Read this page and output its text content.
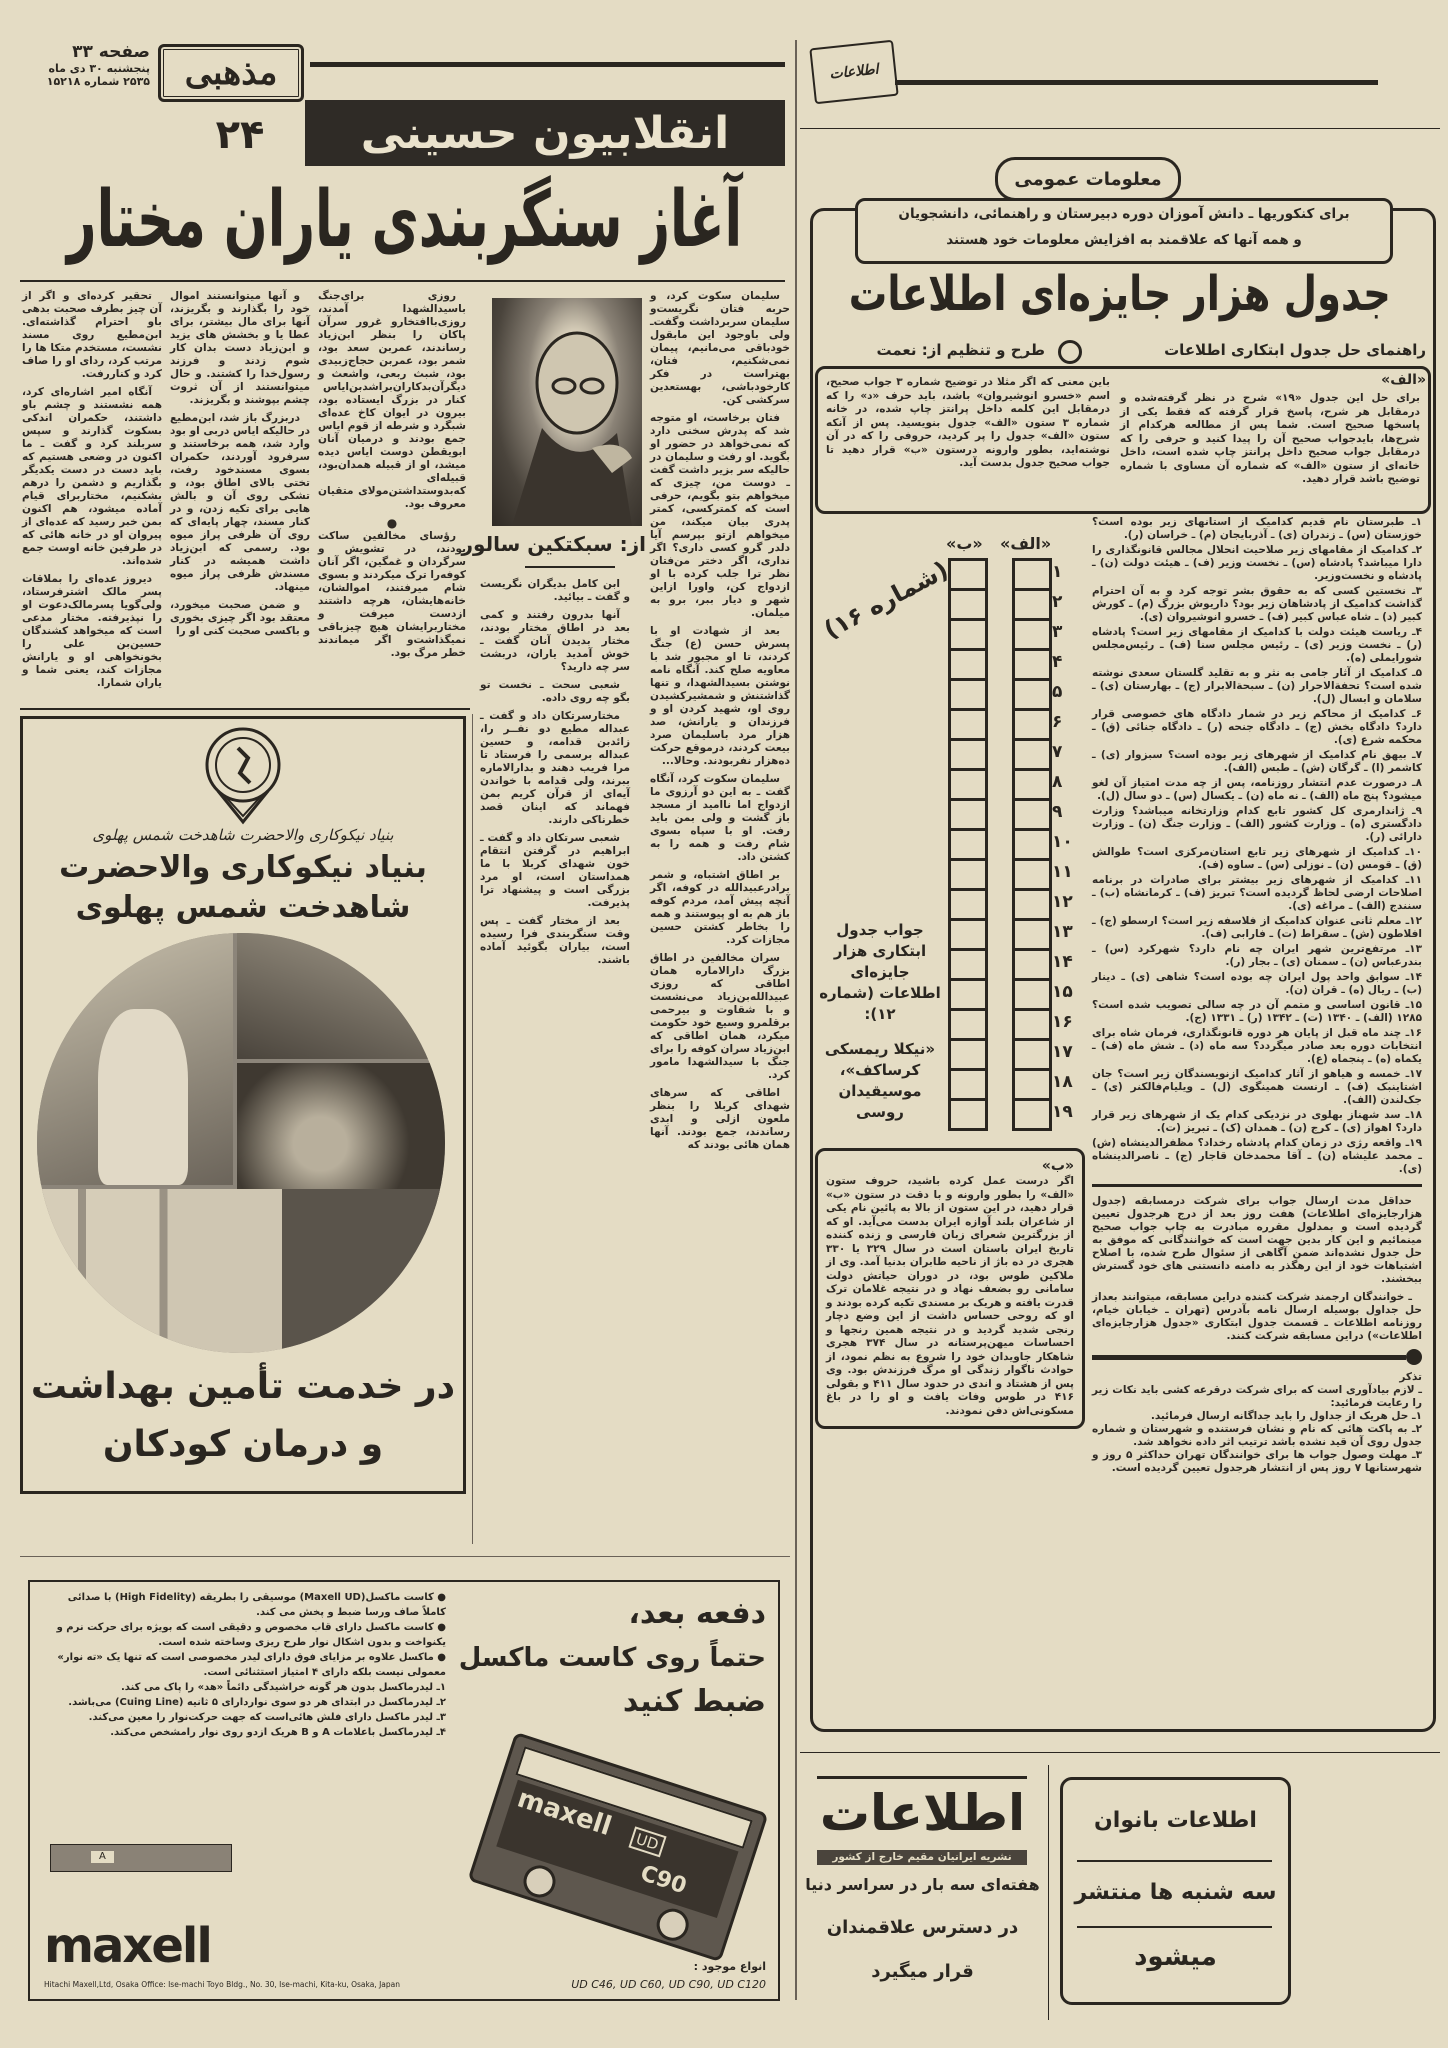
صفحه ۳۳
پنجشنبه ۳۰ دی ماه
۲۵۳۵ شماره ۱۵۲۱۸ مذهبی
۲۴	انقلابیون حسینی
آغاز سنگربندی یاران مختار

تحقیر کرده‌ای و اگر از آن چیز بطرف صحبت بدهی باو احترام گذاشته‌ای. ابن‌مطیع روی مسند نشست، مستخدم متکا ها را مرتب کرد، ردای او را صاف کرد و کناررفت.

آنگاه امیر اشاره‌ای کرد، همه نشستند و چشم باو داشتند، حکمران اندکی بسکوت گذارند و سپس سربلند کرد و گفت ـ ما اکنون در وضعی هستیم که باید دست در دست یکدیگر بگذاریم و دشمن را درهم بشکنیم، مختاربرای قیام آماده میشود، هم اکنون بمن خبر رسید که عده‌ای از پیروان او در خانه هائی که در طرفین خانه اوست جمع شده‌اند.

دیروز عده‌ای را بملاقات پسر مالک اشترفرستاد، ولی‌گویا پسرمالک‌دعوت او را نپذیرفته. مختار مدعی است که میخواهد کشندگان حسین‌بن علی را بخونخواهی او و یارانش مجازات کند، یعنی شما و یاران شمارا.

و آنها میتوانستند اموال خود را بگذارند و بگریزند، آنها برای مال بیشتر، برای عطا یا و بخشش های یزید و ابن‌زیاد دست بدان کار شوم زدند و فرزند رسول‌خدا را کشتند. و حال میتوانستند از آن ثروت چشم بپوشند و بگریزند.

دربزرگ باز شد، ابن‌مطیع در حالیکه ایاس دربی او بود وارد شد، همه برخاستند و سرفرود آوردند، حکمران بسوی مسندخود رفت، تختی بالای اطاق بود، و تشکی روی آن و بالش هایی برای تکیه زدن، و در کنار مسند، چهار پایه‌ای که روی آن ظرفی پراز میوه بود. رسمی که ابن‌زیاد داشت همیشه در کنار مسندش ظرفی پراز میوه مینهاد.

و ضمن صحبت میخورد، معتقد بود اگر چیزی بخوری و باکسی صحبت کنی او را

روزی برای‌جنگ باسیدالشهدا آمدند، روزی‌باافتخارو غرور سرآن پاکان را بنظر ابن‌زیاد رساندند، عمربن سعد بود، شمر بود، عمربن حجاج‌زبیدی بود، شبث ربعی، واشعث و دیگرآن‌بدکاران‌براشدبن‌ایاس کنار در بزرگ ایستاده بود، بیرون در ایوان کاخ عده‌ای شبگرد و شرطه از قوم ایاس جمع بودند و درمیان آنان ابویقطن دوست ایاس دیده میشد، او از قبیله همدان‌بود، قبیله‌ای که‌بدوستداشتن‌مولای متقیان معروف بود.

●

رؤسای مخالفین ساکت بودند، در تشویش و سرگردان و غمگین، اگر آنان کوفه‌را ترک میکردند و بسوی شام میرفتند، اموالشان، خانه‌هایشان، هرچه داشتند ازدست میرفت و مختاربرایشان هیچ چیزباقی نمیگذاشت‌و اگر میماندند خطر مرگ بود.

از: سبکتکین سالور

سلیمان سکوت کرد، و حربه فتان نگریست‌و سلیمان سربرداشت وگفت‌ـ ولی باوجود این مابقول خودباقی می‌مانیم، پیمان نمی‌شکنیم، فتان، بهتراست در فکر کارخودباشی، بهستعدین سرکشی کن.

فتان برخاست، او متوجه شد که پدرش سخنی دارد که نمی‌خواهد در حضور او بگوید. او رفت و سلیمان در حالیکه سر بزیر داشت گفت ـ دوست من، چیزی که میخواهم بتو بگویم، حرفی است که کمترکسی، کمتر پدری بیان میکند، من میخواهم ازتو بپرسم آیا دلدر گرو کسی داری؟ اگر نداری، اگر دختر من‌فتان نظر ترا جلب کرده با او ازدواج کن، واورا ازاین شهر و دیار ببر، برو به میلمان.

بعد از شهادت او با پسرش حسن (ع) جنگ کردند، تا او مجبور شد با معاویه صلح کند. آنگاه نامه نوشتن بسیدالشهدا، و تنها گذاشتنش و شمشیرکشیدن روی او، شهید کردن او و فرزندان و یارانش، صد هزار مرد باسلیمان صرد بیعت کردند، درموقع حرکت ده‌هزار نفربودند. وحالا...

سلیمان سکوت کرد، آنگاه گفت ـ به این دو آرزوی ما ازدواج اما ناامید از مسجد باز گشت و ولی بمن باید رفت. او با سپاه بسوی شام رفت و همه را به کشتن داد.

بر اطاق اشتباه، و شمر برادر‌عبیدالله در کوفه، اگر آنچه پیش آمد، مردم کوفه باز هم به او پیوستند و همه را بخاطر کشتن حسین مجازات کرد.

سران مخالفین در اطاق بزرگ دارالاماره همان اطاقی که روزی عبیدالله‌بن‌زیاد می‌نشست و با شقاوت و بیرحمی برقلمرو وسیع خود حکومت میکرد، همان اطاقی که ابن‌زیاد سران کوفه را برای جنگ با سیدالشهدا مامور کرد.

اطاقی که سرهای شهدای کربلا را بنظر ملعون ازلی و ابدی رساندند، جمع بودند. آنها همان هائی بودند که

ابن کامل بدیگران نگریست و گفت ـ بیائید.

آنها بدرون رفتند و کمی بعد در اطاق مختار بودند، مختار بدیدن آنان گفت ـ خوش آمدید یاران، دربشت سر چه دارید؟

شعبی سحت ـ نخست تو بگو چه روی داده.

مختارسرتکان داد و گفت ـ عبداله مطیع دو نفــر را، زائدبن قدامه، و حسین عبداله برسمی را فرستاد تا مرا فریب دهند و بدارالاماره ببرند، ولی قدامه با خواندن آیه‌ای از قرآن کریم بمن فهماند که اینان قصد خطرناکی دارند.

شعبی سرتکان داد و گفت ـ ابراهیم در گرفتن انتقام خون شهدای کربلا با ما همداستان است، او مرد بزرگی است و پیشنهاد ترا پذیرفت.

بعد از مختار گفت ـ پس وقت سنگربندی فرا رسیده است، بیاران بگوئید آماده باشند.

بنیاد نیکوکاری والاحضرت شاهدخت شمس پهلوی
بنیاد نیکوکاری والاحضرت
شاهدخت شمس پهلوی
در خدمت تأمین بهداشت
و درمان کودکان
maxell	UD
C90
دفعه بعد،
حتماً روی کاست ماکسل
ضبط کنید
● کاست ماکسل(Maxell UD) موسیقی را بطریقه (High Fidelity) با صدائی کاملاً صاف ورسا ضبط و پخش می کند.
● کاست ماکسل دارای قاب مخصوص و دقیقی است که بویژه برای حرکت نرم و یکنواخت و بدون اشکال نوار طرح ریزی وساخته شده است.
● ماکسل علاوه بر مزایای فوق دارای لیدر مخصوصی است که تنها یک «ته نوار» معمولی نیست بلکه دارای ۴ امتیاز استثنائی است.
۱ـ لیدرماکسل بدون هر گونه خراشیدگی دائماً «هد» را پاک می کند.
۲ـ لیدرماکسل در ابتدای هر دو سوی نواردارای ۵ ثانیه (Cuing Line) می‌باشد.
۳ـ لیدر ماکسل دارای فلش هائی‌است که جهت حرکت‌نوار را معین می‌کند.
۴ـ لیدرماکسل باعلامات A و B هریک ازدو روی نوار رامشخص می‌کند.
A
maxell
Hitachi Maxell,Ltd, Osaka Office: Ise-machi Toyo Bldg., No. 30, Ise-machi, Kita-ku, Osaka, Japan
انواع موجود :
UD C46, UD C60, UD C90, UD C120
اطلاعات
معلومات عمومی
برای کنکوریها ـ دانش آموزان دوره دبیرستان و راهنمائی، دانشجویان
و همه آنها که علاقمند به افزایش معلومات خود هستند
جدول هزار جایزه‌ای اطلاعات
راهنمای حل جدول ابتکاری اطلاعات
طرح و تنظیم از: نعمت
«الف»
برای حل این جدول «۱۹» شرح در نظر گرفته‌شده و درمقابل هر شرح، پاسخ قرار گرفته که فقط یکی از پاسخها صحیح است. شما پس از مطالعه هرکدام از شرح‌ها، بایدجواب صحیح آن را پیدا کنید و حرفی را که درمقابل جواب صحیح داخل پرانتز چاپ شده است، داخل خانه‌ای از ستون «الف» که شماره آن مساوی با شماره توضیح باشد قرار دهید.
باین معنی که اگر مثلا در توضیح شماره ۳ جواب صحیح، اسم «خسرو انوشیروان» باشد، باید حرف «د» را که درمقابل این کلمه داخل پرانتز چاپ شده، در خانه شماره ۳ ستون «الف» جدول بنویسید. پس از آنکه ستون «الف» جدول را پر کردید، حروفی را که در آن نوشته‌اید، بطور وارونه درستون «ب» قرار دهید تا جواب صحیح جدول بدست آید.
(شماره ۱۶)
«ب» «الف»
۱
۲
۳
۴
۵
۶
۷
۸
۹
۱۰
۱۱
۱۲
۱۳
۱۴
۱۵
۱۶
۱۷
۱۸
۱۹
جواب جدول ابتکاری هزار جایزه‌ای اطلاعات (شماره ۱۲):
«نیکلا ریمسکی کرساکف»، موسیقیدان روسی
۱ـ طبرستان نام قدیم کدامیک از استانهای زیر بوده است؟ خوزستان (س) ـ زندران (ی) ـ آذربایجان (م) ـ خراسان (ر).
۲ـ کدامیک از مقامهای زیر صلاحیت انحلال مجالس قانونگذاری را دارا میباشد؟ پادشاه (س) ـ نخست وزیر (ف) ـ هیئت دولت (ن) ـ پادشاه و نخست‌وزیر.
۳ـ نخستین کسی که به حقوق بشر توجه کرد و به آن احترام گذاشت کدامیک از پادشاهان زیر بود؟ داریوش بزرگ (م) ـ کورش کبیر (د) ـ شاه عباس کبیر (ف) ـ خسرو انوشیروان (ی).
۴ـ ریاست هیئت دولت با کدامیک از مقامهای زیر است؟ پادشاه (ر) ـ نخست وزیر (ی) ـ رئیس مجلس سنا (ف) ـ رئیس‌مجلس شورایملی (ه).
۵ـ کدامیک از آثار جامی به نثر و به تقلید گلستان سعدی نوشته شده است؟ تحفةالاحرار (ن) ـ سبحةالابرار (ج) ـ بهارستان (ی) ـ سلامان و ابسال (ل).
۶ـ کدامیک از محاکم زیر در شمار دادگاه های خصوصی قرار دارد؟ دادگاه بخش (ج) ـ دادگاه جنحه (ر) ـ دادگاه جنائی (ق) ـ محکمه شرع (ی).
۷ـ بیهق نام کدامیک از شهرهای زیر بوده است؟ سبزوار (ی) ـ کاشمر (ا) ـ گرگان (ش) ـ طبس (الف).
۸ـ درصورت عدم انتشار روزنامه، پس از چه مدت امتیاز آن لغو میشود؟ پنج ماه (الف) ـ نه ماه (ن) ـ یکسال (س) ـ دو سال (ل).
۹ـ ژاندارمری کل کشور تابع کدام وزارتخانه میباشد؟ وزارت دادگستری (ه) ـ وزارت کشور (الف) ـ وزارت جنگ (ن) ـ وزارت دارائی (ر).
۱۰ـ کدامیک از شهرهای زیر تابع استان‌مرکزی است؟ طوالش (ق) ـ قومس (ن) ـ نوزلی (س) ـ ساوه (ف).
۱۱ـ کدامیک از شهرهای زیر بیشتر برای صادرات در برنامه اصلاحات ارضی لحاظ گردیده است؟ تبریز (ف) ـ کرمانشاه (ب) ـ سنندج (الف) ـ مراغه (ی).
۱۲ـ معلم ثانی عنوان کدامیک از فلاسفه زیر است؟ ارسطو (ج) ـ افلاطون (ش) ـ سقراط (ت) ـ فارابی (ف).
۱۳ـ مرتفع‌ترین شهر ایران چه نام دارد؟ شهرکرد (س) ـ بندرعباس (ن) ـ سمنان (ی) ـ بجار (ر).
۱۴ـ سوابق واحد پول ایران چه بوده است؟ شاهی (ی) ـ دینار (ب) ـ ریال (ه) ـ قران (ن).
۱۵ـ قانون اساسی و متمم آن در چه سالی تصویب شده است؟ ۱۲۸۵ (الف) ـ ۱۳۴۰ (ت) ـ ۱۳۴۲ (ر) ـ ۱۳۳۱ (ج).
۱۶ـ چند ماه قبل از پایان هر دوره قانونگذاری، فرمان شاه برای انتخابات دوره بعد صادر میگردد؟ سه ماه (د) ـ شش ماه (ف) ـ یکماه (ه) ـ پنجماه (ع).
۱۷ـ خمسه و هیاهو از آثار کدامیک ازنویسندگان زیر است؟ جان اشتاینبک (ف) ـ ارنست همینگوی (ل) ـ ویلیام‌فالکنر (ی) ـ جک‌لندن (الف).
۱۸ـ سد شهناز بهلوی در نزدیکی کدام یک از شهرهای زیر قرار دارد؟ اهواز (ی) ـ کرج (ن) ـ همدان (ک) ـ تبریز (ت).
۱۹ـ واقعه رژی در زمان کدام پادشاه رخداد؟ مظفرالدینشاه (ش) ـ محمد علیشاه (ن) ـ آقا محمدخان قاجار (ج) ـ ناصرالدینشاه (ی).

حداقل مدت ارسال جواب برای شرکت درمسابقه (جدول هزارجایزه‌ای اطلاعات) هفت روز بعد از درج هرجدول تعیین گردیده است و بمدلول مقرره مبادرت به چاپ جواب صحیح مینمائیم و این کار بدین جهت است که خوانندگانی که موفق به حل جدول نشده‌اند ضمن آگاهی از سئوال طرح شده، با اصلاح اشتباهات خود از این رهگذر به دامنه دانستنی های خود گسترش ببخشند.

ـ خوانندگان ارجمند شرکت کننده دراین مسابقه، میتوانند بعداز حل جداول بوسیله ارسال نامه بآدرس (تهران ـ خیابان خیام، روزنامه اطلاعات ـ قسمت جدول ابتکاری «جدول هزارجایزه‌ای اطلاعات») دراین مسابقه شرکت کنند.

تذکر
ـ لازم بیادآوری است که برای شرکت درقرعه کشی باید نکات زیر را رعایت فرمائید:
۱ـ حل هریک از جداول را باید جداگانه ارسال فرمائید.
۲ـ به پاکت هائی که نام و نشان فرستنده و شهرستان و شماره جدول روی آن قید نشده باشد ترتیب اثر داده نخواهد شد.
۳ـ مهلت وصول جواب ها برای خوانندگان تهران حداکثر ۵ روز و شهرستانها ۷ روز پس از انتشار هرجدول تعیین گردیده است.
«ب»
اگر درست عمل کرده باشید، حروف ستون «الف» را بطور وارونه و با دقت در ستون «ب» قرار دهید، در این ستون از بالا به پائین نام یکی از شاعران بلند آوازه ایران بدست می‌آید. او که از بزرگترین شعرای زبان فارسی و زنده کننده تاریخ ایران باستان است در سال ۳۲۹ یا ۳۳۰ هجری در ده باژ از ناحیه طابران بدنیا آمد. وی از ملاکین طوس بود، در دوران حیاتش دولت سامانی رو بضعف نهاد و در نتیجه غلامان ترک قدرت یافته و هریک بر مسندی تکیه کرده بودند و او که روحی حساس داشت از این وضع دچار رنجی شدید گردید و در نتیجه همین رنجها و احساسات میهن‌پرستانه در سال ۳۷۴ هجری شاهکار جاویدان خود را شروع به نظم نمود، از حوادث ناگوار زندگی او مرگ فرزندش بود. وی پس از هشتاد و اندی در حدود سال ۴۱۱ و بقولی ۴۱۶ در طوس وفات یافت و او را در باغ مسکونی‌اش دفن نمودند.
اطلاعات
نشریه ایرانیان مقیم خارج از کشور
هفته‌ای سه بار در سراسر دنیا
در دسترس علاقمندان
قرار میگیرد
اطلاعات بانوان
سه شنبه ها منتشر
میشود
